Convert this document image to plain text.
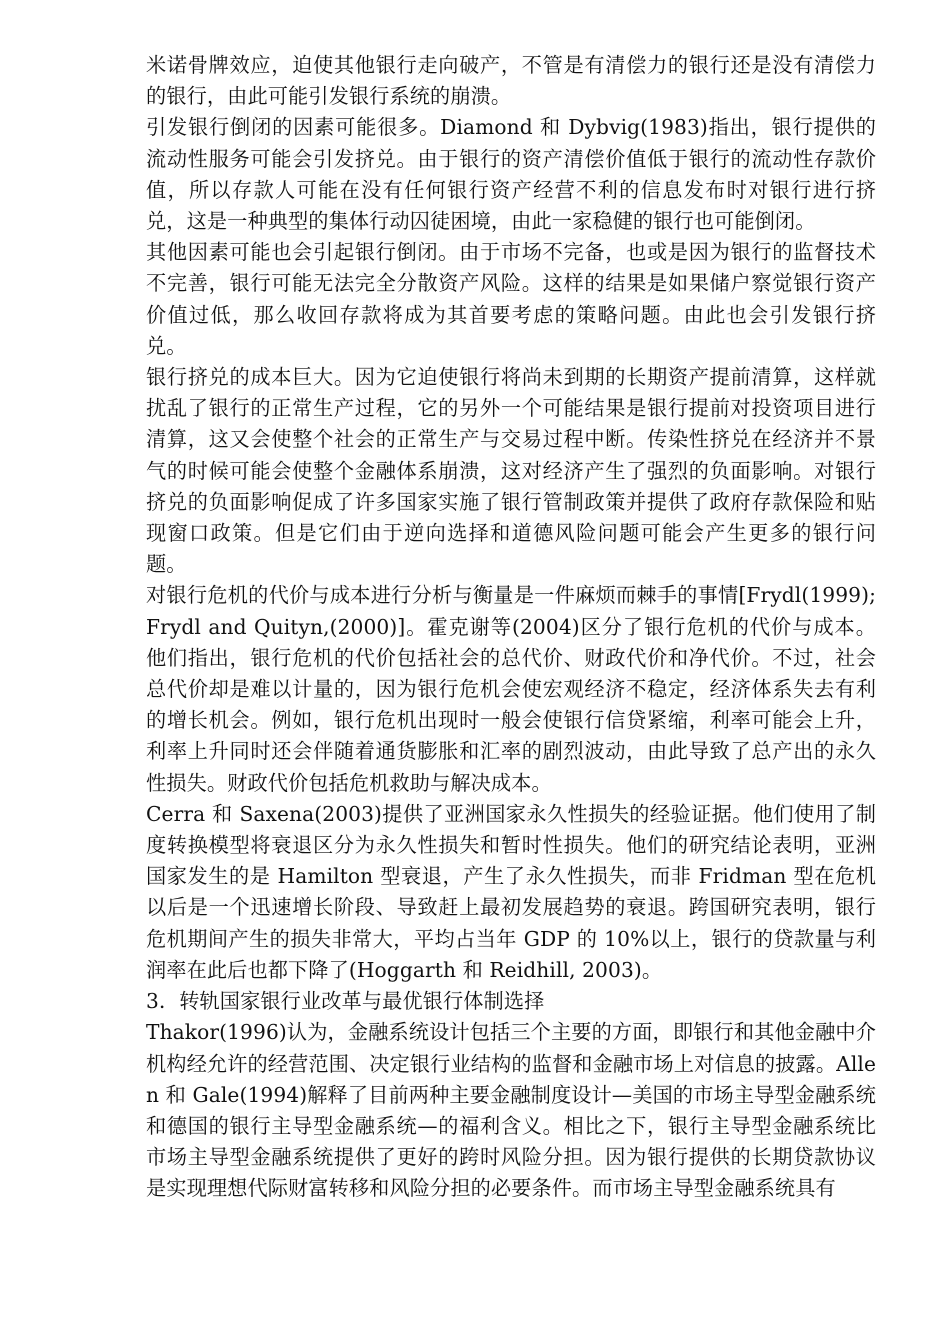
米诺骨牌效应，迫使其他银行走向破产，不管是有清偿力的银行还是没有清偿力的银行，由此可能引发银行系统的崩溃。

引发银行倒闭的因素可能很多。Diamond 和 Dybvig(1983)指出，银行提供的流动性服务可能会引发挤兑。由于银行的资产清偿价值低于银行的流动性存款价值，所以存款人可能在没有任何银行资产经营不利的信息发布时对银行进行挤兑，这是一种典型的集体行动囚徒困境，由此一家稳健的银行也可能倒闭。

其他因素可能也会引起银行倒闭。由于市场不完备，也或是因为银行的监督技术不完善，银行可能无法完全分散资产风险。这样的结果是如果储户察觉银行资产价值过低，那么收回存款将成为其首要考虑的策略问题。由此也会引发银行挤兑。

银行挤兑的成本巨大。因为它迫使银行将尚未到期的长期资产提前清算，这样就扰乱了银行的正常生产过程，它的另外一个可能结果是银行提前对投资项目进行清算，这又会使整个社会的正常生产与交易过程中断。传染性挤兑在经济并不景气的时候可能会使整个金融体系崩溃，这对经济产生了强烈的负面影响。对银行挤兑的负面影响促成了许多国家实施了银行管制政策并提供了政府存款保险和贴现窗口政策。但是它们由于逆向选择和道德风险问题可能会产生更多的银行问题。

对银行危机的代价与成本进行分析与衡量是一件麻烦而棘手的事情[Frydl(1999);Frydl and Quityn,(2000)]。霍克谢等(2004)区分了银行危机的代价与成本。他们指出，银行危机的代价包括社会的总代价、财政代价和净代价。不过，社会总代价却是难以计量的，因为银行危机会使宏观经济不稳定，经济体系失去有利的增长机会。例如，银行危机出现时一般会使银行信贷紧缩，利率可能会上升，利率上升同时还会伴随着通货膨胀和汇率的剧烈波动，由此导致了总产出的永久性损失。财政代价包括危机救助与解决成本。

Cerra 和 Saxena(2003)提供了亚洲国家永久性损失的经验证据。他们使用了制度转换模型将衰退区分为永久性损失和暂时性损失。他们的研究结论表明，亚洲国家发生的是 Hamilton 型衰退，产生了永久性损失，而非 Fridman 型在危机以后是一个迅速增长阶段、导致赶上最初发展趋势的衰退。跨国研究表明，银行危机期间产生的损失非常大，平均占当年 GDP 的 10%以上，银行的贷款量与利润率在此后也都下降了(Hoggarth 和 Reidhill, 2003)。

3．转轨国家银行业改革与最优银行体制选择

Thakor(1996)认为，金融系统设计包括三个主要的方面，即银行和其他金融中介机构经允许的经营范围、决定银行业结构的监督和金融市场上对信息的披露。Allen 和 Gale(1994)解释了目前两种主要金融制度设计—美国的市场主导型金融系统和德国的银行主导型金融系统—的福利含义。相比之下，银行主导型金融系统比市场主导型金融系统提供了更好的跨时风险分担。因为银行提供的长期贷款协议是实现理想代际财富转移和风险分担的必要条件。而市场主导型金融系统具有
